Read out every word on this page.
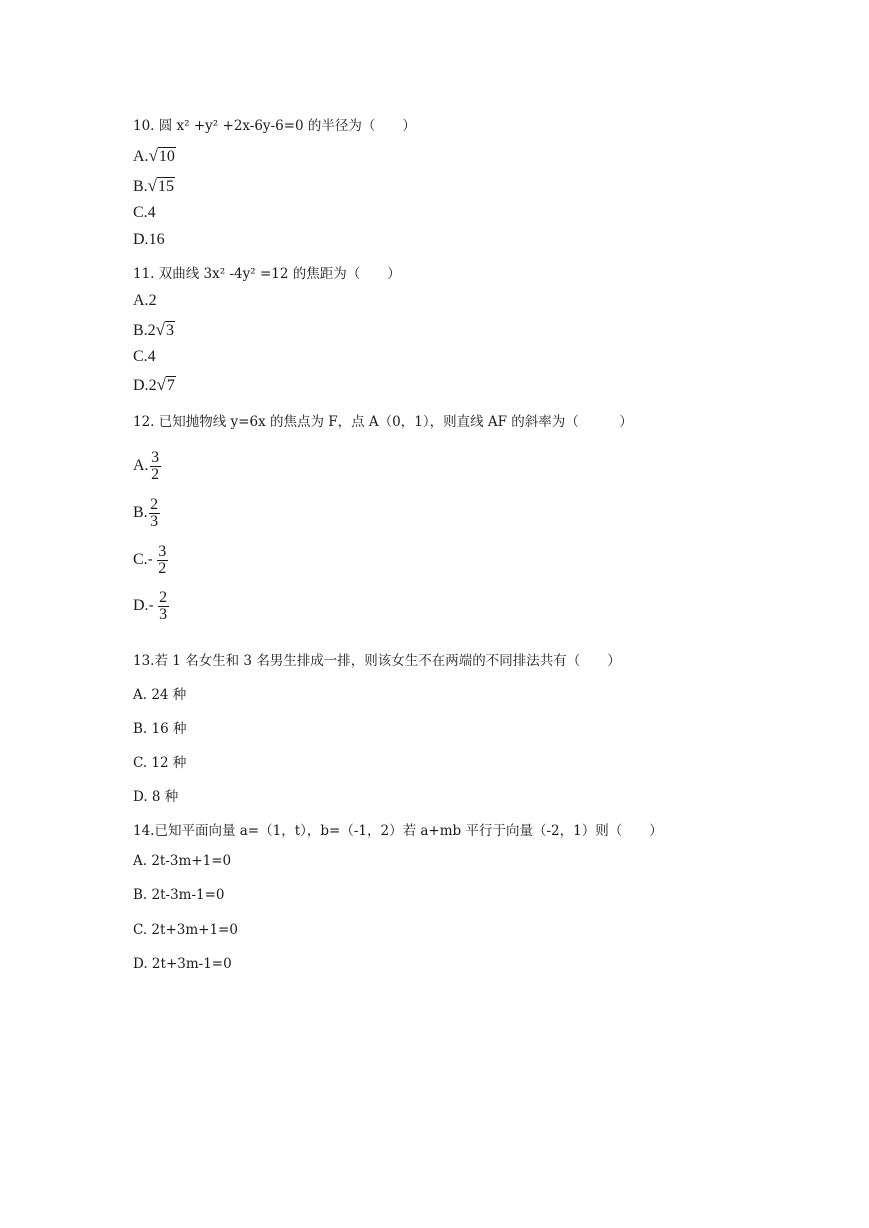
10. 圆 x² +y² +2x-6y-6=0 的半径为（　　）
A.√10
B.√15
C.4
D.16
11. 双曲线 3x² -4y² =12 的焦距为（　　）
A.2
B.2√3
C.4
D.2√7
12. 已知抛物线 y=6x 的焦点为 F，点 A（0，1），则直线 AF 的斜率为（　　　）
A. $\frac{3}{2}$
B. $\frac{2}{3}$
$C.- \frac{3}{2}$
$D.- \frac{2}{3}$
13.若 1 名女生和 3 名男生排成一排，则该女生不在两端的不同排法共有（　　）
A. 24 种
B. 16 种
C. 12 种
D. 8 种
14.已知平面向量 a=（1，t），b=（-1，2）若 a+mb 平行于向量（-2，1）则（　　）
A. 2t-3m+1=0
B. 2t-3m-1=0
C. 2t+3m+1=0
D. 2t+3m-1=0
